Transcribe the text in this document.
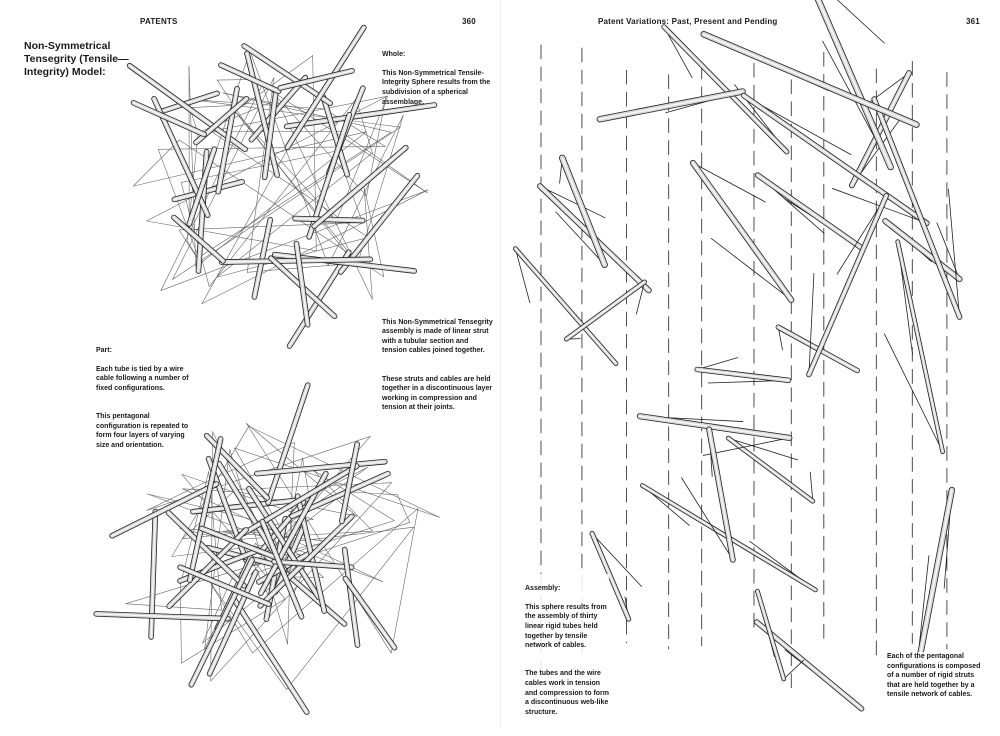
PATENTS	360
Non-Symmetrical Tensegrity (Tensile—Integrity) Model:

Whole:

This Non-Symmetrical Tensile-Integrity Sphere results from the subdivision of a spherical assemblage.

Part:

Each tube is tied by a wire cable following a number of fixed configurations.

This pentagonal configuration is repeated to form four layers of varying size and orientation.

This Non-Symmetrical Tensegrity assembly is made of linear strut with a tubular section and tension cables joined together.

These struts and cables are held together in a discontinuous layer working in compression and tension at their joints.

Patent Variations: Past, Present and Pending	361

Assembly:

This sphere results from the assembly of thirty linear rigid tubes held together by tensile network of cables.

The tubes and the wire cables work in tension and compression to form a discontinuous web-like structure.

Each of the pentagonal configurations is composed of a number of rigid struts that are held together by a tensile network of cables.
